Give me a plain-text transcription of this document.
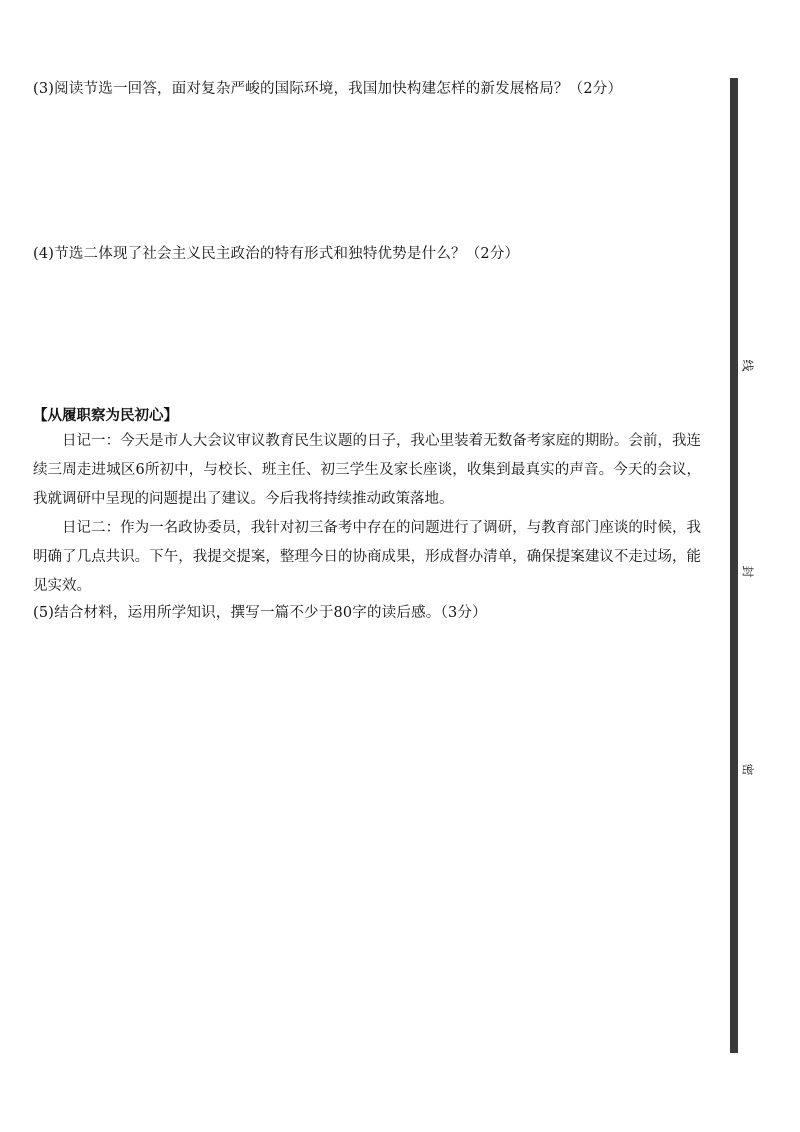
(3)阅读节选一回答，面对复杂严峻的国际环境，我国加快构建怎样的新发展格局？（2分）
(4)节选二体现了社会主义民主政治的特有形式和独特优势是什么？（2分）
【从履职察为民初心】
日记一：今天是市人大会议审议教育民生议题的日子，我心里装着无数备考家庭的期盼。会前，我连续三周走进城区6所初中，与校长、班主任、初三学生及家长座谈，收集到最真实的声音。今天的会议，我就调研中呈现的问题提出了建议。今后我将持续推动政策落地。
日记二：作为一名政协委员，我针对初三备考中存在的问题进行了调研，与教育部门座谈的时候，我明确了几点共识。下午，我提交提案，整理今日的协商成果，形成督办清单，确保提案建议不走过场，能见实效。
(5)结合材料，运用所学知识，撰写一篇不少于80字的读后感。（3分）
线
封
密
